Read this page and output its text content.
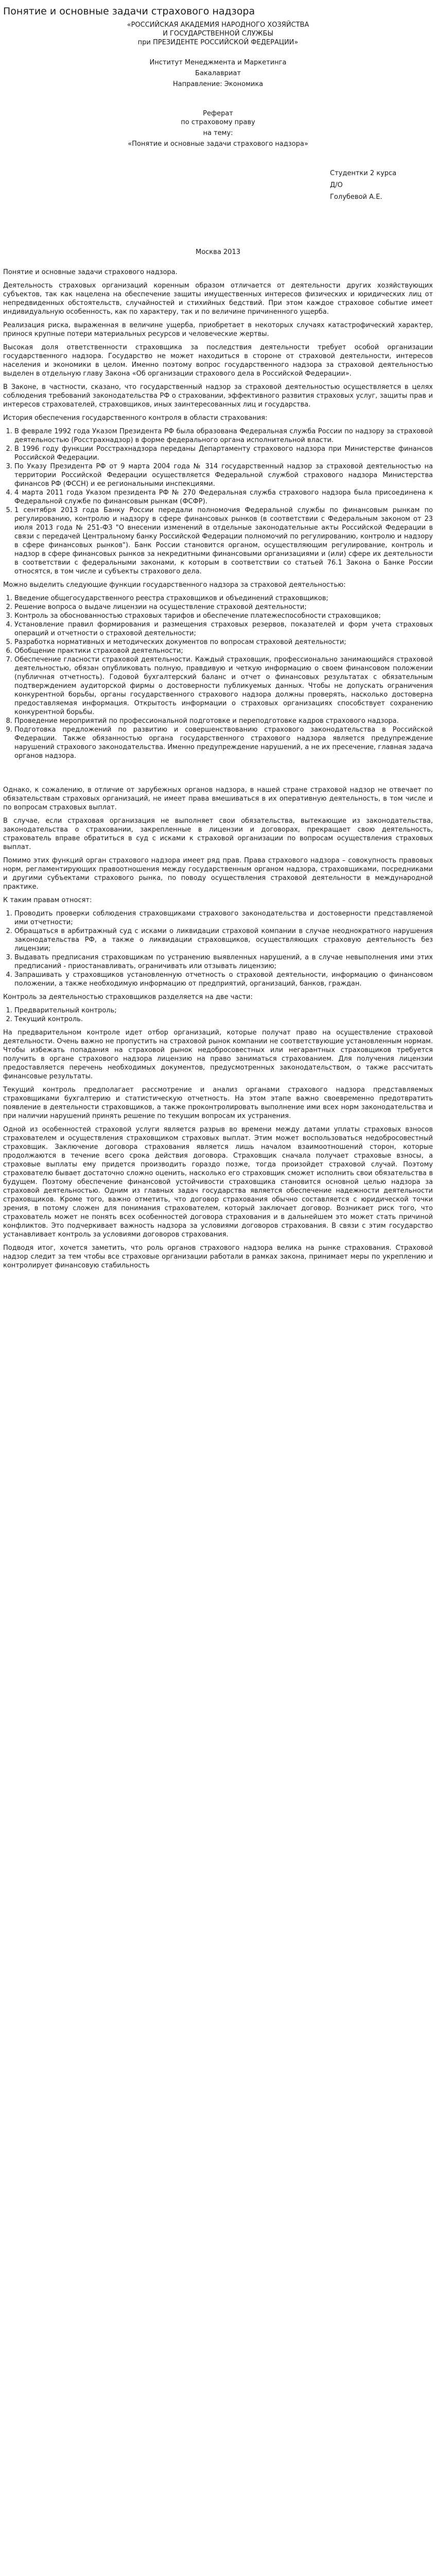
Понятие и основные задачи страхового надзора
«РОССИЙСКАЯ АКАДЕМИЯ НАРОДНОГО ХОЗЯЙСТВА
И ГОСУДАРСТВЕННОЙ СЛУЖБЫ
при ПРЕЗИДЕНТЕ РОССИЙСКОЙ ФЕДЕРАЦИИ»
Институт Менеджмента и Маркетинга
Бакалавриат
Направление: Экономика
Реферат
по страховому праву
на тему:
«Понятие и основные задачи страхового надзора»
Студентки 2 курса
Д/О
Голубевой А.Е.
Москва 2013

Понятие и основные задачи страхового надзора.

Деятельность страховых организаций коренным образом отличается от деятельности других хозяйствующих субъектов, так как нацелена на обеспечение защиты имущественных интересов физических и юридических лиц от непредвиденных обстоятельств, случайностей и стихийных бедствий. При этом каждое страховое событие имеет индивидуальную особенность, как по характеру, так и по величине причиненного ущерба.

Реализация риска, выраженная в величине ущерба, приобретает в некоторых случаях катастрофический характер, принося крупные потери материальных ресурсов и человеческие жертвы.

Высокая доля ответственности страховщика за последствия деятельности требует особой организации государственного надзора. Государство не может находиться в стороне от страховой деятельности, интересов населения и экономики в целом. Именно поэтому вопрос государственного надзора за страховой деятельностью выделен в отдельную главу Закона «Об организации страхового дела в Российской Федерации».

В Законе, в частности, сказано, что государственный надзор за страховой деятельностью осуществляется в целях соблюдения требований законодательства РФ о страховании, эффективного развития страховых услуг, защиты прав и интересов страхователей, страховщиков, иных заинтересованных лиц и государства.

История обеспечения государственного контроля в области страхования:

1. В феврале 1992 года Указом Президента РФ была образована Федеральная служба России по надзору за страховой деятельностью (Росстрахнадзор) в форме федерального органа исполнительной власти.
2. В 1996 году функции Росстрахнадзора переданы Департаменту страхового надзора при Министерстве финансов Российской Федерации.
3. По Указу Президента РФ от 9 марта 2004 года № 314 государственный надзор за страховой деятельностью на территории Российской Федерации осуществляется Федеральной службой страхового надзора Министерства финансов РФ (ФССН) и ее региональными инспекциями.
4. 4 марта 2011 года Указом президента РФ № 270 Федеральная служба страхового надзора была присоединена к Федеральной службе по финансовым рынкам (ФСФР).
5. 1 сентября 2013 года Банку России передали полномочия Федеральной службы по финансовым рынкам по регулированию, контролю и надзору в сфере финансовых рынков (в соответствии с Федеральным законом от 23 июля 2013 года № 251-ФЗ "О внесении изменений в отдельные законодательные акты Российской Федерации в связи с передачей Центральному банку Российской Федерации полномочий по регулированию, контролю и надзору в сфере финансовых рынков"). Банк России становится органом, осуществляющим регулирование, контроль и надзор в сфере финансовых рынков за некредитными финансовыми организациями и (или) сфере их деятельности в соответствии с федеральными законами, к которым в соответствии со статьей 76.1 Закона о Банке России относятся, в том числе и субъекты страхового дела.

Можно выделить следующие функции государственного надзора за страховой деятельностью:

1. Введение общегосударственного реестра страховщиков и объединений страховщиков;
2. Решение вопроса о выдаче лицензии на осуществление страховой деятельности;
3. Контроль за обоснованностью страховых тарифов и обеспечение платежеспособности страховщиков;
4. Установление правил формирования и размещения страховых резервов, показателей и форм учета страховых операций и отчетности о страховой деятельности;
5. Разработка нормативных и методических документов по вопросам страховой деятельности;
6. Обобщение практики страховой деятельности;
7. Обеспечение гласности страховой деятельности. Каждый страховщик, профессионально занимающийся страховой деятельностью, обязан опубликовать полную, правдивую и четкую информацию о своем финансовом положении (публичная отчетность). Годовой бухгалтерский баланс и отчет о финансовых результатах с обязательным подтверждением аудиторской фирмы о достоверности публикуемых данных. Чтобы не допускать ограничения конкурентной борьбы, органы государственного страхового надзора должны проверять, насколько достоверна предоставляемая информация. Открытость информации о страховых организациях способствует сохранению конкурентной борьбы.
8. Проведение мероприятий по профессиональной подготовке и переподготовке кадров страхового надзора.
9. Подготовка предложений по развитию и совершенствованию страхового законодательства в Российской Федерации. Также обязанностью органа государственного страхового надзора является предупреждение нарушений страхового законодательства. Именно предупреждение нарушений, а не их пресечение, главная задача органов надзора.

Однако, к сожалению, в отличие от зарубежных органов надзора, в нашей стране страховой надзор не отвечает по обязательствам страховых организаций, не имеет права вмешиваться в их оперативную деятельность, в том числе и по вопросам страховых выплат.

В случае, если страховая организация не выполняет свои обязательства, вытекающие из законодательства, законодательства о страховании, закрепленные в лицензии и договорах, прекращает свою деятельность, страхователь вправе обратиться в суд с исками к страховой организации по вопросам осуществления страховых выплат.

Помимо этих функций орган страхового надзора имеет ряд прав. Права страхового надзора – совокупность правовых норм, регламентирующих правоотношения между государственным органом надзора, страховщиками, посредниками и другими субъектами страхового рынка, по поводу осуществления страховой деятельности в международной практике.

К таким правам относят:

1. Проводить проверки соблюдения страховщиками страхового законодательства и достоверности представляемой ими отчетности;
2. Обращаться в арбитражный суд с исками о ликвидации страховой компании в случае неоднократного нарушения законодательства РФ, а также о ликвидации страховщиков, осуществляющих страховую деятельность без лицензии;
3. Выдавать предписания страховщикам по устранению выявленных нарушений, а в случае невыполнения ими этих предписаний - приостанавливать, ограничивать или отзывать лицензию;
4. Запрашивать у страховщиков установленную отчетность о страховой деятельности, информацию о финансовом положении, а также необходимую информацию от предприятий, организаций, банков, граждан.

Контроль за деятельностью страховщиков разделяется на две части:

1. Предварительный контроль;
2. Текущий контроль.

На предварительном контроле идет отбор организаций, которые получат право на осуществление страховой деятельности. Очень важно не пропустить на страховой рынок компании не соответствующие установленным нормам. Чтобы избежать попадания на страховой рынок недобросовестных или негарантных страховщиков требуется получить в органе страхового надзора лицензию на право заниматься страхованием. Для получения лицензии предоставляется перечень необходимых документов, предусмотренных законодательством, о также рассчитать финансовые результаты.

Текущий контроль предполагает рассмотрение и анализ органами страхового надзора представляемых страховщиками бухгалтерию и статистическую отчетность. На этом этапе важно своевременно предотвратить появление в деятельности страховщиков, а также проконтролировать выполнение ими всех норм законодательства и при наличии нарушений принять решение по текущим вопросам их устранения.

Одной из особенностей страховой услуги является разрыв во времени между датами уплаты страховых взносов страхователем и осуществления страховщиком страховых выплат. Этим может воспользоваться недобросовестный страховщик. Заключение договора страхования является лишь началом взаимоотношений сторон, которые продолжаются в течение всего срока действия договора. Страховщик сначала получает страховые взносы, а страховые выплаты ему придется производить гораздо позже, тогда произойдет страховой случай. Поэтому страхователю бывает достаточно сложно оценить, насколько его страховщик сможет исполнить свои обязательства в будущем. Поэтому обеспечение финансовой устойчивости страховщика становится основной целью надзора за страховой деятельностью. Одним из главных задач государства является обеспечение надежности деятельности страховщиков. Кроме того, важно отметить, что договор страхования обычно составляется с юридической точки зрения, в потому сложен для понимания страхователем, который заключает договор. Возникает риск того, что страхователь может не понять всех особенностей договора страхования и в дальнейшем это может стать причиной конфликтов. Это подчеркивает важность надзора за условиями договоров страхования. В связи с этим государство устанавливает контроль за условиями договоров страхования.

Подводя итог, хочется заметить, что роль органов страхового надзора велика на рынке страхования. Страховой надзор следит за тем чтобы все страховые организации работали в рамках закона, принимает меры по укреплению и контролирует финансовую стабильность
